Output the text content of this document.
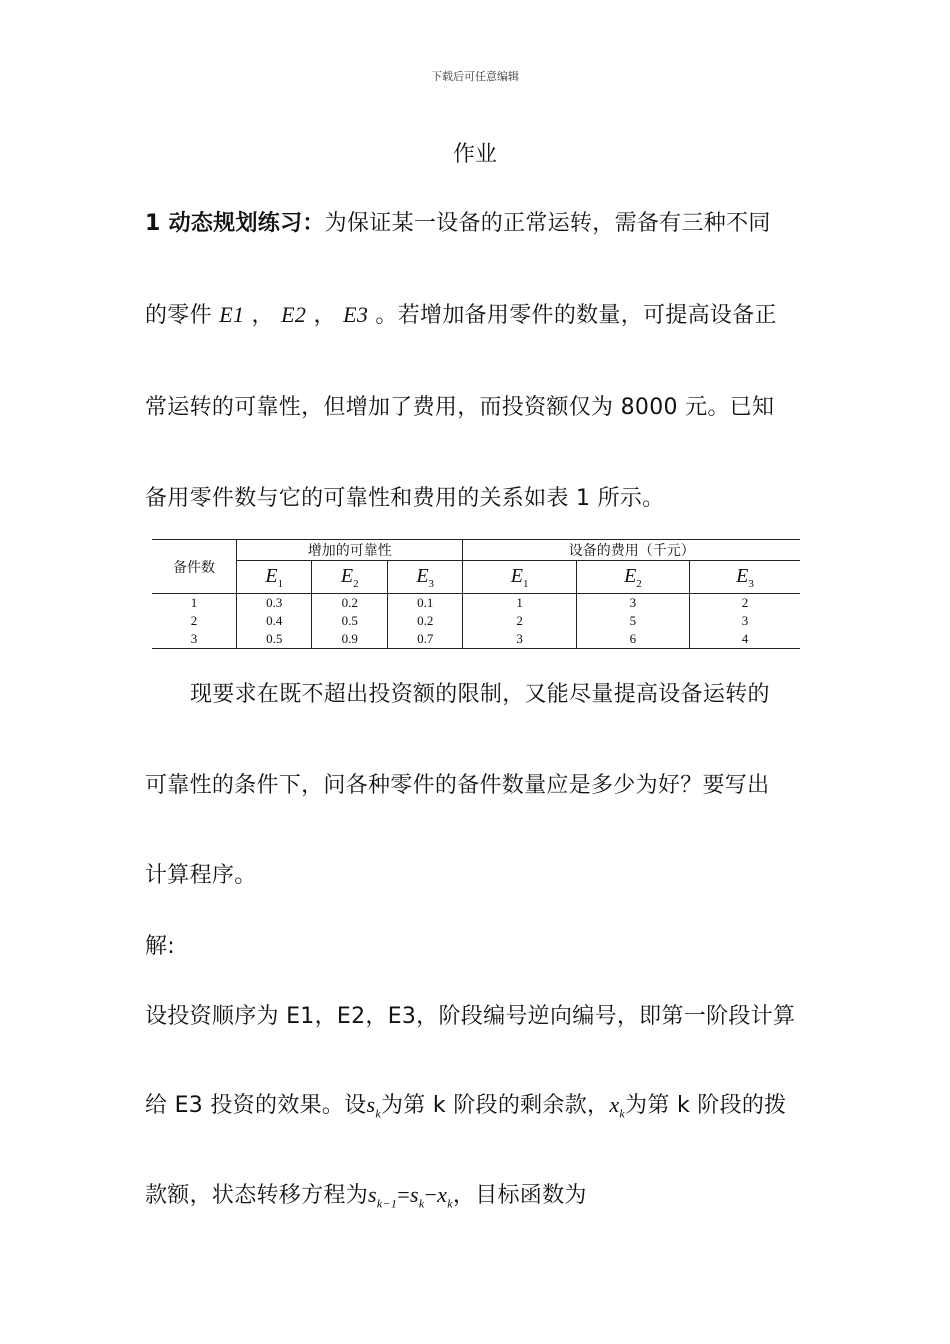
下载后可任意编辑
作业
1 动态规划练习：为保证某一设备的正常运转，需备有三种不同
的零件 E1 ， E2 ， E3 。若增加备用零件的数量，可提高设备正
常运转的可靠性，但增加了费用，而投资额仅为 8000 元。已知
备用零件数与它的可靠性和费用的关系如表 1 所示。
备件数	增加的可靠性			设备的费用（千元）		
	$E_1$	$E_2$	$E_3$	$E_1$	$E_2$	$E_3$
1	0.3	0.2	0.1	1	3	2
2	0.4	0.5	0.2	2	5	3
3	0.5	0.9	0.7	3	6	4
现要求在既不超出投资额的限制，又能尽量提高设备运转的
可靠性的条件下，问各种零件的备件数量应是多少为好？要写出
计算程序。
解:
设投资顺序为 E1，E2，E3，阶段编号逆向编号，即第一阶段计算
给 E3 投资的效果。设$s_k$为第 k 阶段的剩余款，$x_k$为第 k 阶段的拨
款额，状态转移方程为$s_{k-1}=s_k-x_k$，目标函数为
